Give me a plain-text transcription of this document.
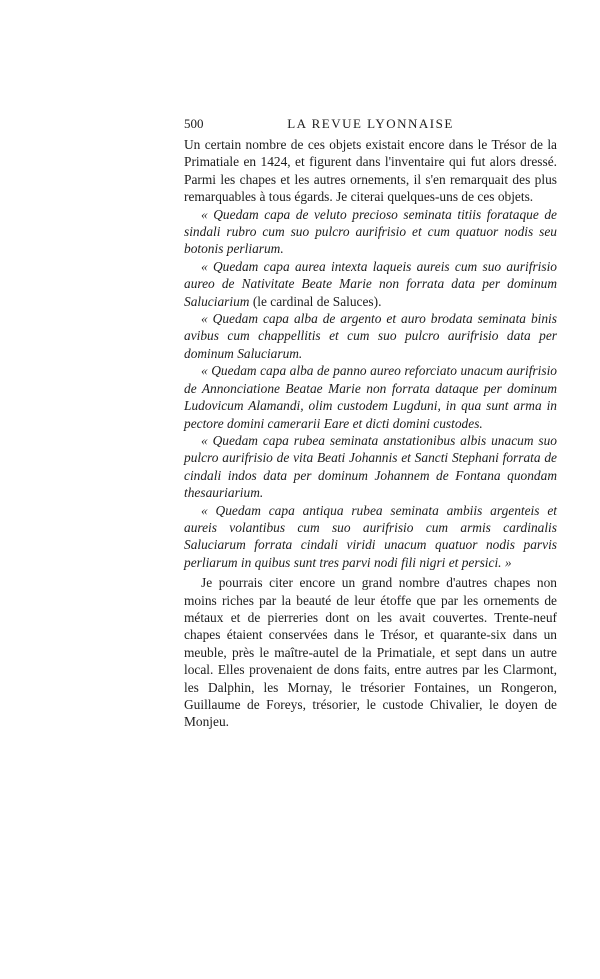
500	LA REVUE LYONNAISE

Un certain nombre de ces objets existait encore dans le Trésor de la Primatiale en 1424, et figurent dans l'inventaire qui fut alors dressé. Parmi les chapes et les autres ornements, il s'en remarquait des plus remarquables à tous égards. Je citerai quelques-uns de ces objets.

« Quedam capa de veluto precioso seminata titiis forataque de sindali rubro cum suo pulcro aurifrisio et cum quatuor nodis seu botonis perliarum.

« Quedam capa aurea intexta laqueis aureis cum suo aurifrisio aureo de Nativitate Beate Marie non forrata data per dominum Saluciarium (le cardinal de Saluces).

« Quedam capa alba de argento et auro brodata seminata binis avibus cum chappellitis et cum suo pulcro aurifrisio data per dominum Saluciarum.

« Quedam capa alba de panno aureo reforciato unacum aurifrisio de Annonciatione Beatae Marie non forrata dataque per dominum Ludovicum Alamandi, olim custodem Lugduni, in qua sunt arma in pectore domini camerarii Eare et dicti domini custodes.

« Quedam capa rubea seminata anstationibus albis unacum suo pulcro aurifrisio de vita Beati Johannis et Sancti Stephani forrata de cindali indos data per dominum Johannem de Fontana quondam thesauriarium.

« Quedam capa antiqua rubea seminata ambiis argenteis et aureis volantibus cum suo aurifrisio cum armis cardinalis Saluciarum forrata cindali viridi unacum quatuor nodis parvis perliarum in quibus sunt tres parvi nodi fili nigri et persici. »

Je pourrais citer encore un grand nombre d'autres chapes non moins riches par la beauté de leur étoffe que par les ornements de métaux et de pierreries dont on les avait couvertes. Trente-neuf chapes étaient conservées dans le Trésor, et quarante-six dans un meuble, près le maître-autel de la Primatiale, et sept dans un autre local. Elles provenaient de dons faits, entre autres par les Clarmont, les Dalphin, les Mornay, le trésorier Fontaines, un Rongeron, Guillaume de Foreys, trésorier, le custode Chivalier, le doyen de Monjeu.
